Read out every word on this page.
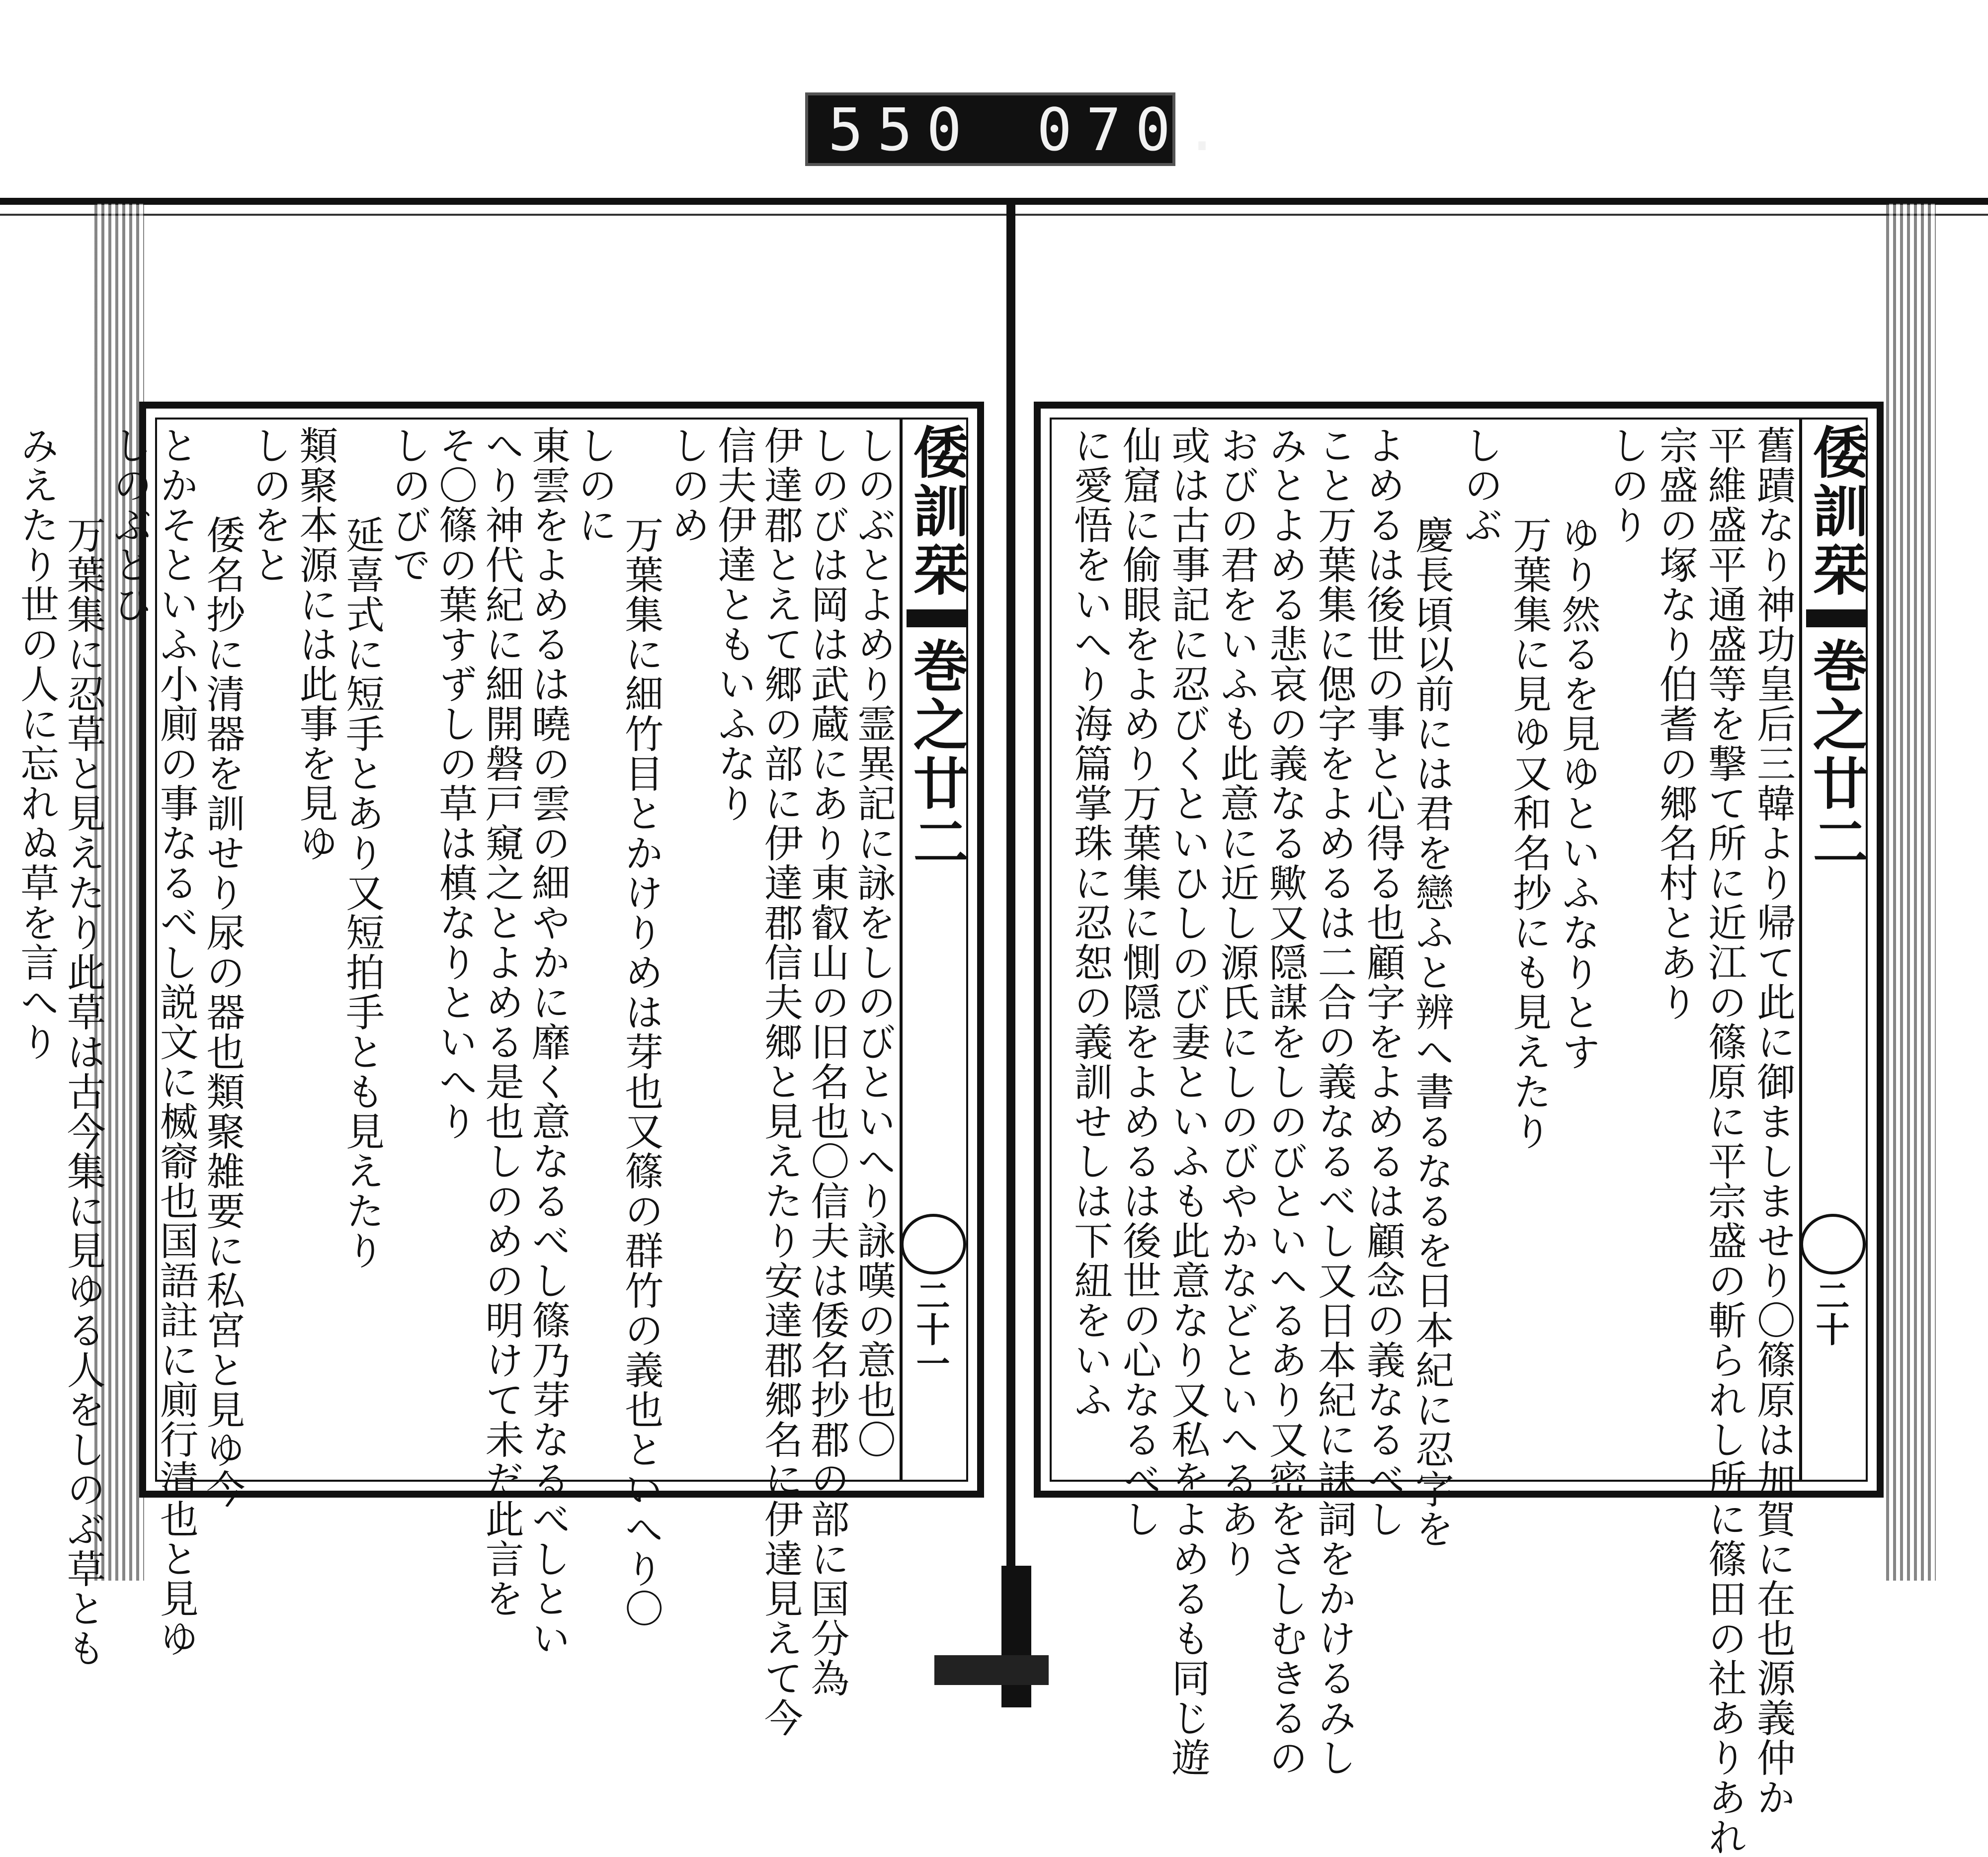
550 070.
倭訓栞巻之廿二
二十
舊蹟なり神功皇后三韓より帰て此に御ましませり〇篠原は加賀に在也源義仲か
平維盛平通盛等を撃て所に近江の篠原に平宗盛の斬られし所に篠田の社ありあれ
宗盛の塚なり伯耆の郷名村とあり
しのり
ゆり然るを見ゆといふなりとす
万葉集に見ゆ又和名抄にも見えたり
しのぶ
慶長頃以前には君を戀ふと辨へ書るなるを日本紀に忍字を
よめるは後世の事と心得る也顧字をよめるは顧念の義なるべし
こと万葉集に偲字をよめるは二合の義なるべし又日本紀に誄詞をかけるみし
みとよめる悲哀の義なる歟又隠謀をしのびといへるあり又密をさしむきるの
おびの君をいふも此意に近し源氏にしのびやかなどといへるあり
或は古事記に忍びくといひしのび妻といふも此意なり又私をよめるも同じ遊
仙窟に偷眼をよめり万葉集に惻隠をよめるは後世の心なるべし
に愛悟をいへり海篇掌珠に忍恕の義訓せしは下紐をいふ
倭訓栞巻之廿二
二十一
しのぶとよめり霊異記に詠をしのびといへり詠嘆の意也〇
しのびは岡は武蔵にあり東叡山の旧名也〇信夫は倭名抄郡の部に国分為
伊達郡とえて郷の部に伊達郡信夫郷と見えたり安達郡郷名に伊達見えて今
信夫伊達ともいふなり
しのめ
万葉集に細竹目とかけりめは芽也又篠の群竹の義也といへり〇
しのに
東雲をよめるは曉の雲の細やかに靡く意なるべし篠乃芽なるべしとい
へり神代紀に細開磐戸窺之とよめる是也しのめの明けて未だ此言を
そ〇篠の葉すずしの草は槙なりといへり
しのびで
延喜式に短手とあり又短拍手とも見えたり
類聚本源には此事を見ゆ
しのをと
倭名抄に清器を訓せり尿の器也類聚雑要に私宮と見ゆ今
とかそといふ小廁の事なるべし説文に楲窬也国語註に廁行清也と見ゆ
しのぶとひ
万葉集に忍草と見えたり此草は古今集に見ゆる人をしのぶ草とも
みえたり世の人に忘れぬ草を言へり
